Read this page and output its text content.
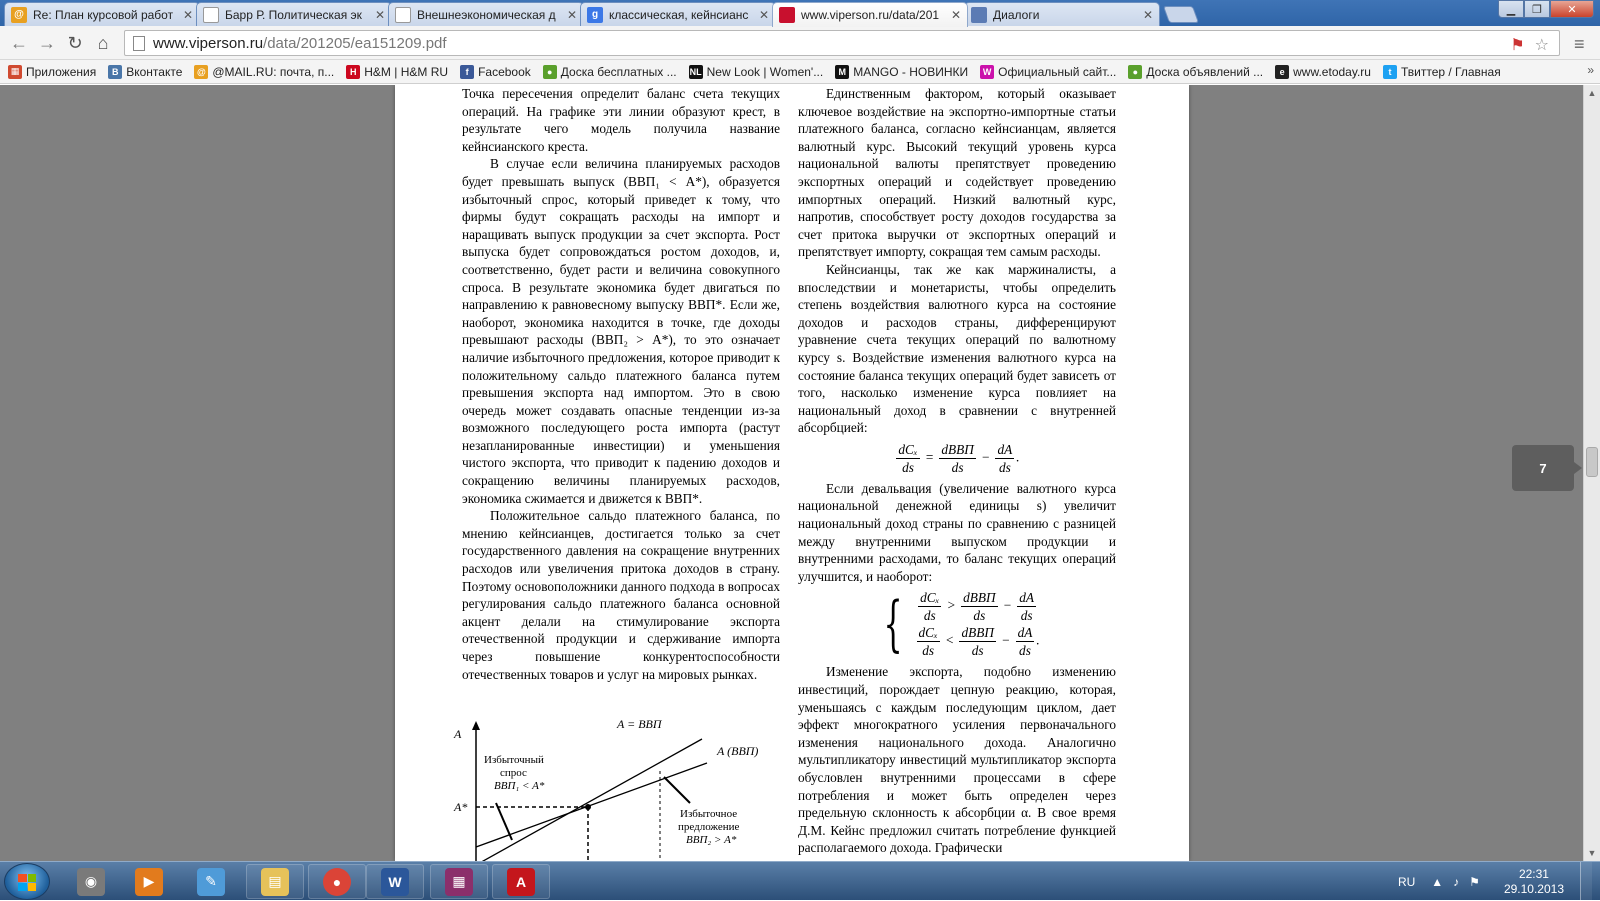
@ Re: План курсовой работ ✕	Барр Р. Политическая эк	✕	Внешнеэкономическая д ✕	g классическая, кейнсианс ✕	www.viperson.ru/data/201 ✕	Диалоги	✕	▁	❐	✕
← → ↻ ⌂	www.viperson.ru /data/201205/ea151209.pdf	⚑ ☆ ≡
▦ Приложения	B Вконтакте @ @MAIL.RU: почта, п...	H H&M | H&M RU	f Facebook	● Доска бесплатных ... NL New Look | Women'...	M MANGO - НОВИНКИ	W Официальный сайт...	● Доска объявлений ...	e www.etoday.ru	t Твиттер / Главная	»

Точка пересечения определит баланс счета текущих операций. На графике эти линии образуют крест, в результате чего модель получила название кейнсианского креста.

В случае если величина планируемых расходов будет превышать выпуск (ВВП₁ < A*), образуется избыточный спрос, который приведет к тому, что фирмы будут сокращать расходы на импорт и наращивать выпуск продукции за счет экспорта. Рост выпуска будет сопровождаться ростом доходов, и, соответственно, будет расти и величина совокупного спроса. В результате экономика будет двигаться по направлению к равновесному выпуску ВВП*. Если же, наоборот, экономика находится в точке, где доходы превышают расходы (ВВП₂ > A*), то это означает наличие избыточного предложения, которое приводит к положительному сальдо платежного баланса путем превышения экспорта над импортом. Это в свою очередь может создавать опасные тенденции из-за возможного последующего роста импорта (растут незапланированные инвестиции) и уменьшения чистого экспорта, что приводит к падению доходов и сокращению величины планируемых расходов, экономика сжимается и движется к ВВП*.

Положительное сальдо платежного баланса, по мнению кейнсианцев, достигается только за счет государственного давления на сокращение внутренних расходов или увеличения притока доходов в страну. Поэтому основоположники данного подхода в вопросах регулирования сальдо платежного баланса основной акцент делали на стимулирование экспорта отечественной продукции и сдерживание импорта через повышение конкурентоспособности отечественных товаров и услуг на мировых рынках.

Единственным фактором, который оказывает ключевое воздействие на экспортно-импортные статьи платежного баланса, согласно кейнсианцам, является валютный курс. Высокий текущий уровень курса национальной валюты препятствует проведению экспортных операций и содействует проведению импортных операций. Низкий валютный курс, напротив, способствует росту доходов государства за счет притока выручки от экспортных операций и препятствует импорту, сокращая тем самым расходы.

Кейнсианцы, так же как маржиналисты, а впоследствии и монетаристы, чтобы определить степень воздействия валютного курса на состояние доходов и расходов страны, дифференцируют уравнение счета текущих операций по валютному курсу s. Воздействие изменения валютного курса на состояние баланса текущих операций будет зависеть от того, насколько изменение курса повлияет на национальный доход в сравнении с внутренней абсорбцией:

$\frac{\text{dCₓ}}{ds} = \frac{\text{dВВП}}{ds} - \frac{dA}{ds}$ .

Если девальвация (увеличение валютного курса национальной денежной единицы s) увеличит национальный доход страны по сравнению с разницей между внутренними выпуском продукции и внутренними расходами, то баланс текущих операций улучшится, и наоборот:

{ $\frac{\text{dCₓ}}{ds} > \frac{\text{dВВП}}{ds} - \frac{dA}{ds}$
$\frac{\text{dCₓ}}{ds} < \frac{\text{dВВП}}{ds} - \frac{dA}{ds}$ .

Изменение экспорта, подобно изменению инвестиций, порождает цепную реакцию, которая, уменьшаясь с каждым последующим циклом, дает эффект многократного усиления первоначального изменения национального дохода. Аналогично мультипликатору инвестиций мультипликатор экспорта обусловлен внутренними процессами в сфере потребления и может быть определен через предельную склонность к абсорбции α. В свое время Д.М. Кейнс предложил считать потребление функцией располагаемого дохода. Графически

A
A*
A = ВВП
A (ВВП)
Избыточный
спрос
ВВП₁ < A*
Избыточное
предложение
ВВП₂ > A*
▲
▼
7
◉	▶	✎	▤	●	W	▦	A	RU ▲ ♪ ⚑
22:31
29.10.2013
